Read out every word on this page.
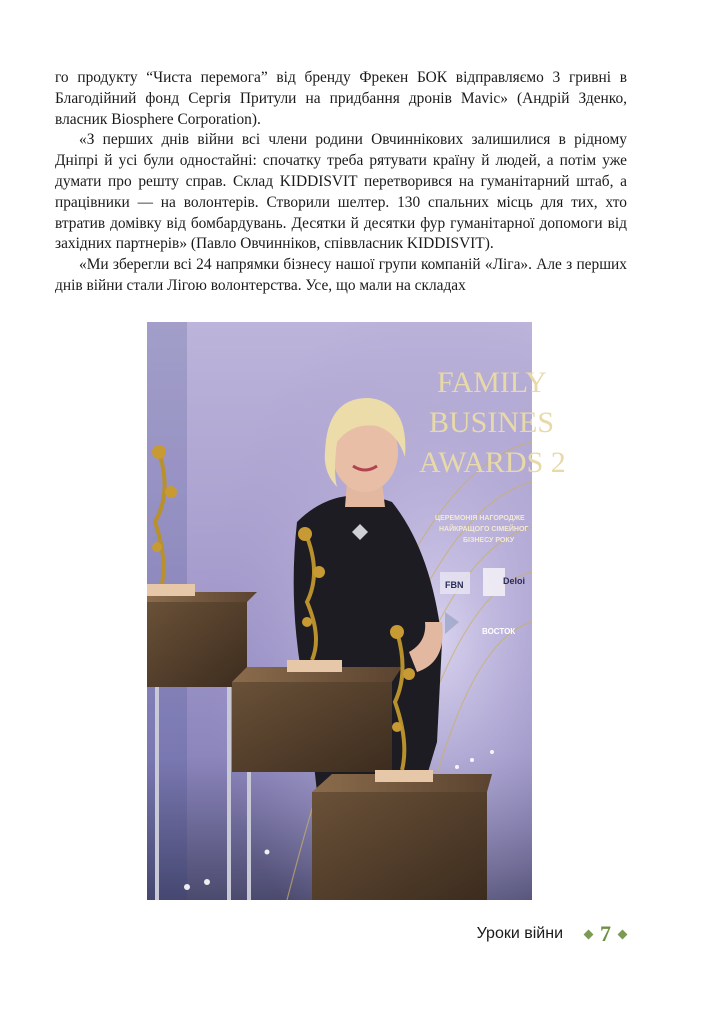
го продукту “Чиста перемога” від бренду Фрекен БОК відправляємо 3 гривні в Благодійний фонд Сергія Притули на придбання дронів Mavic» (Андрій Зденко, власник Biosphere Corporation).

«З перших днів війни всі члени родини Овчиннікових залишилися в рідному Дніпрі й усі були одностайні: спочатку треба рятувати країну й людей, а потім уже думати про решту справ. Склад KIDDISVIT перетворився на гуманітарний штаб, а працівники — на волонтерів. Створили шелтер. 130 спальних місць для тих, хто втратив домівку від бомбардувань. Десятки й десятки фур гуманітарної допомоги від західних партнерів» (Павло Овчинніков, співвласник KIDDISVIT).

«Ми зберегли всі 24 напрямки бізнесу нашої групи компаній «Ліга». Але з перших днів війни стали Лігою волонтерства. Усе, що мали на складах

FAMILY
BUSINES
AWARDS 2
ЦЕРЕМОНІЯ НАГОРОДЖЕ
НАЙКРАЩОГО СІМЕЙНОГ
БІЗНЕСУ РОКУ
FBN	Deloi
ВОСТОК
Уроки війни 7
